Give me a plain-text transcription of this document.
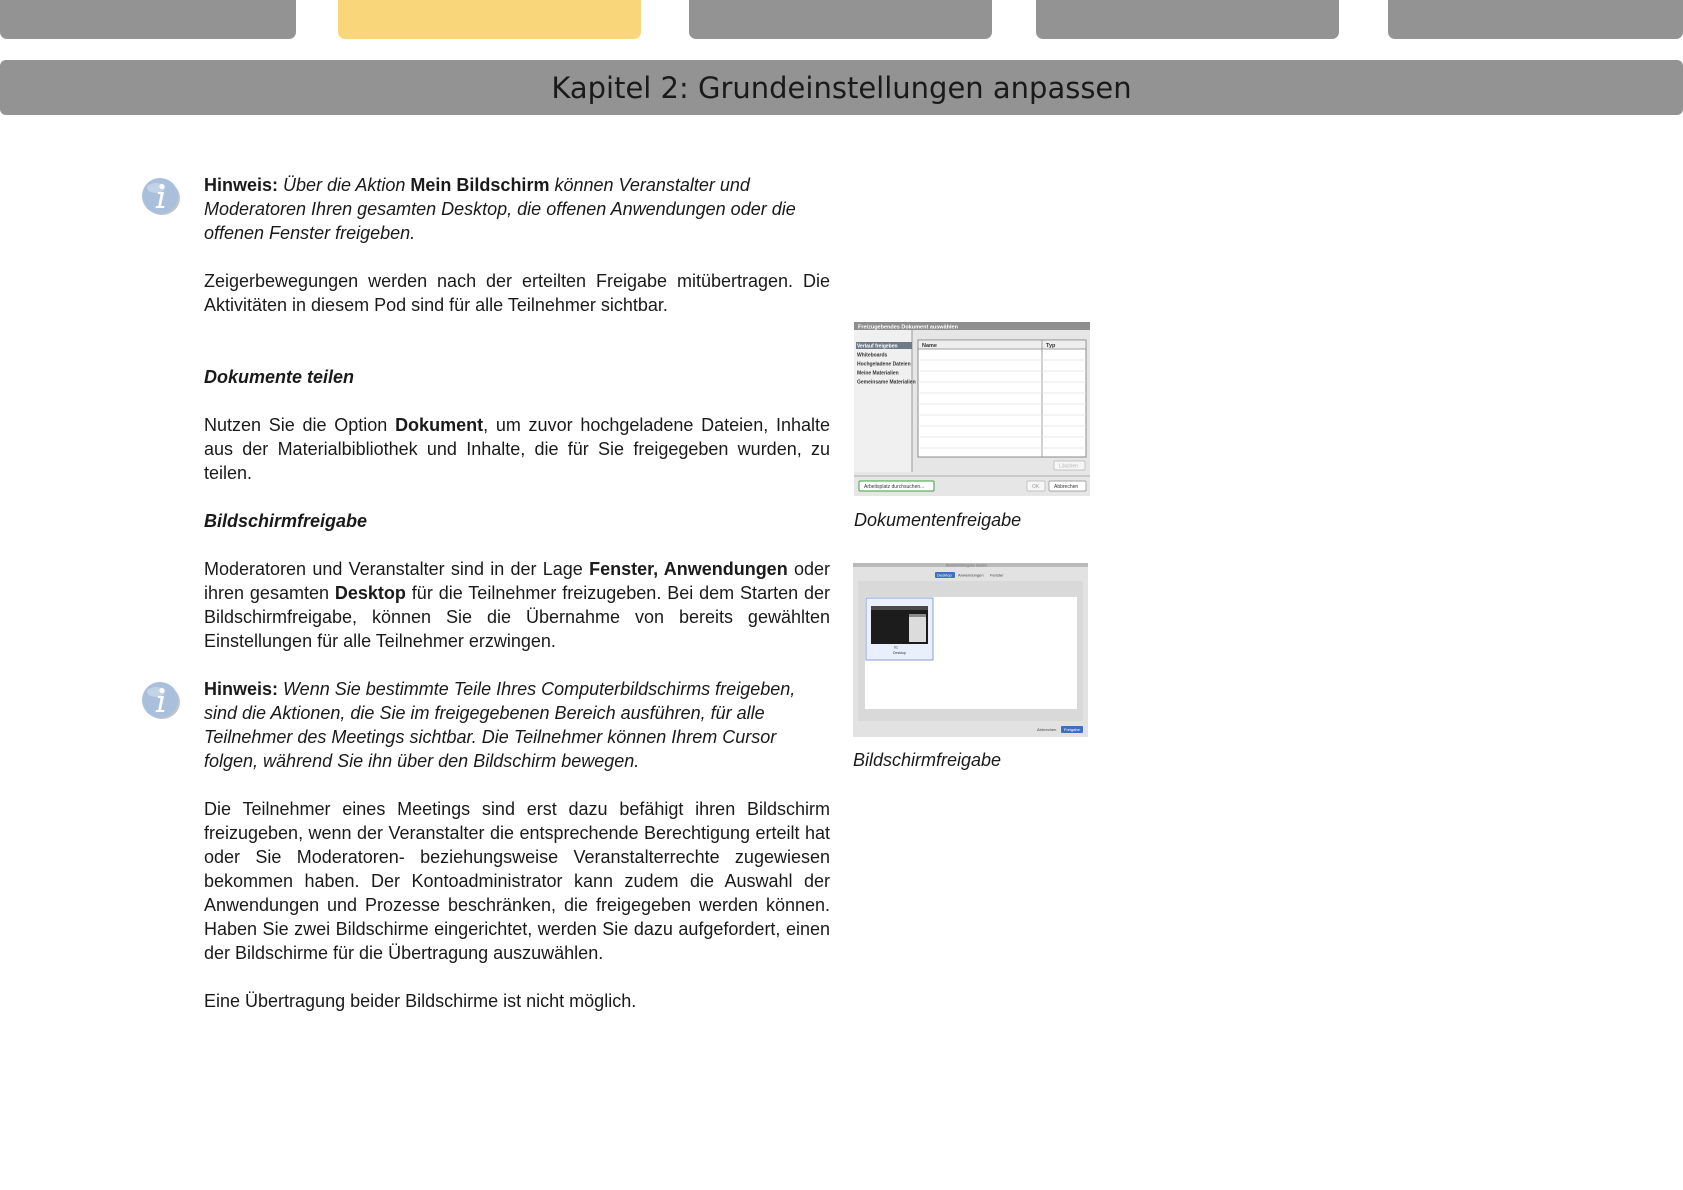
Kapitel 2: Grundeinstellungen anpassen

Hinweis: Über die Aktion Mein Bildschirm können Veranstalter und Moderatoren Ihren gesamten Desktop, die offenen Anwendungen oder die offenen Fenster freigeben.

Zeigerbewegungen werden nach der erteilten Freigabe mitübertragen. Die Aktivitäten in diesem Pod sind für alle Teilnehmer sichtbar.

Dokumente teilen

Nutzen Sie die Option Dokument, um zuvor hochgeladene Dateien, Inhalte aus der Materialbibliothek und Inhalte, die für Sie freigegeben wurden, zu teilen.

Bildschirmfreigabe

Moderatoren und Veranstalter sind in der Lage Fenster, Anwendungen oder ihren gesamten Desktop für die Teilnehmer freizugeben. Bei dem Starten der Bildschirmfreigabe, können Sie die Übernahme von bereits gewählten Einstellungen für alle Teilnehmer erzwingen.

Hinweis: Wenn Sie bestimmte Teile Ihres Computerbildschirms freigeben, sind die Aktionen, die Sie im freigegebenen Bereich ausführen, für alle Teilnehmer des Meetings sichtbar. Die Teilnehmer können Ihrem Cursor folgen, während Sie ihn über den Bildschirm bewegen.

Die Teilnehmer eines Meetings sind erst dazu befähigt ihren Bildschirm freizugeben, wenn der Veranstalter die entsprechende Berechtigung erteilt hat oder Sie Moderatoren- beziehungsweise Veranstalterrechte zugewiesen bekommen haben. Der Kontoadministrator kann zudem die Auswahl der Anwendungen und Prozesse beschränken, die freigegeben werden können. Haben Sie zwei Bildschirme eingerichtet, werden Sie dazu aufgefordert, einen der Bildschirme für die Übertragung auszuwählen.

Eine Übertragung beider Bildschirme ist nicht möglich.

Freizugebendes Dokument auswählen
Verlauf freigeben
Whiteboards
Hochgeladene Dateien
Meine Materialien
Gemeinsame Materialien
Name	Typ
Löschen
Arbeitsplatz durchsuchen...	OK	Abbrechen
Dokumentenfreigabe
Bildschirmfreigabe Starten
Desktop Anwendungen Fenster
01
Desktop
Abbrechen Freigabe
Bildschirmfreigabe
